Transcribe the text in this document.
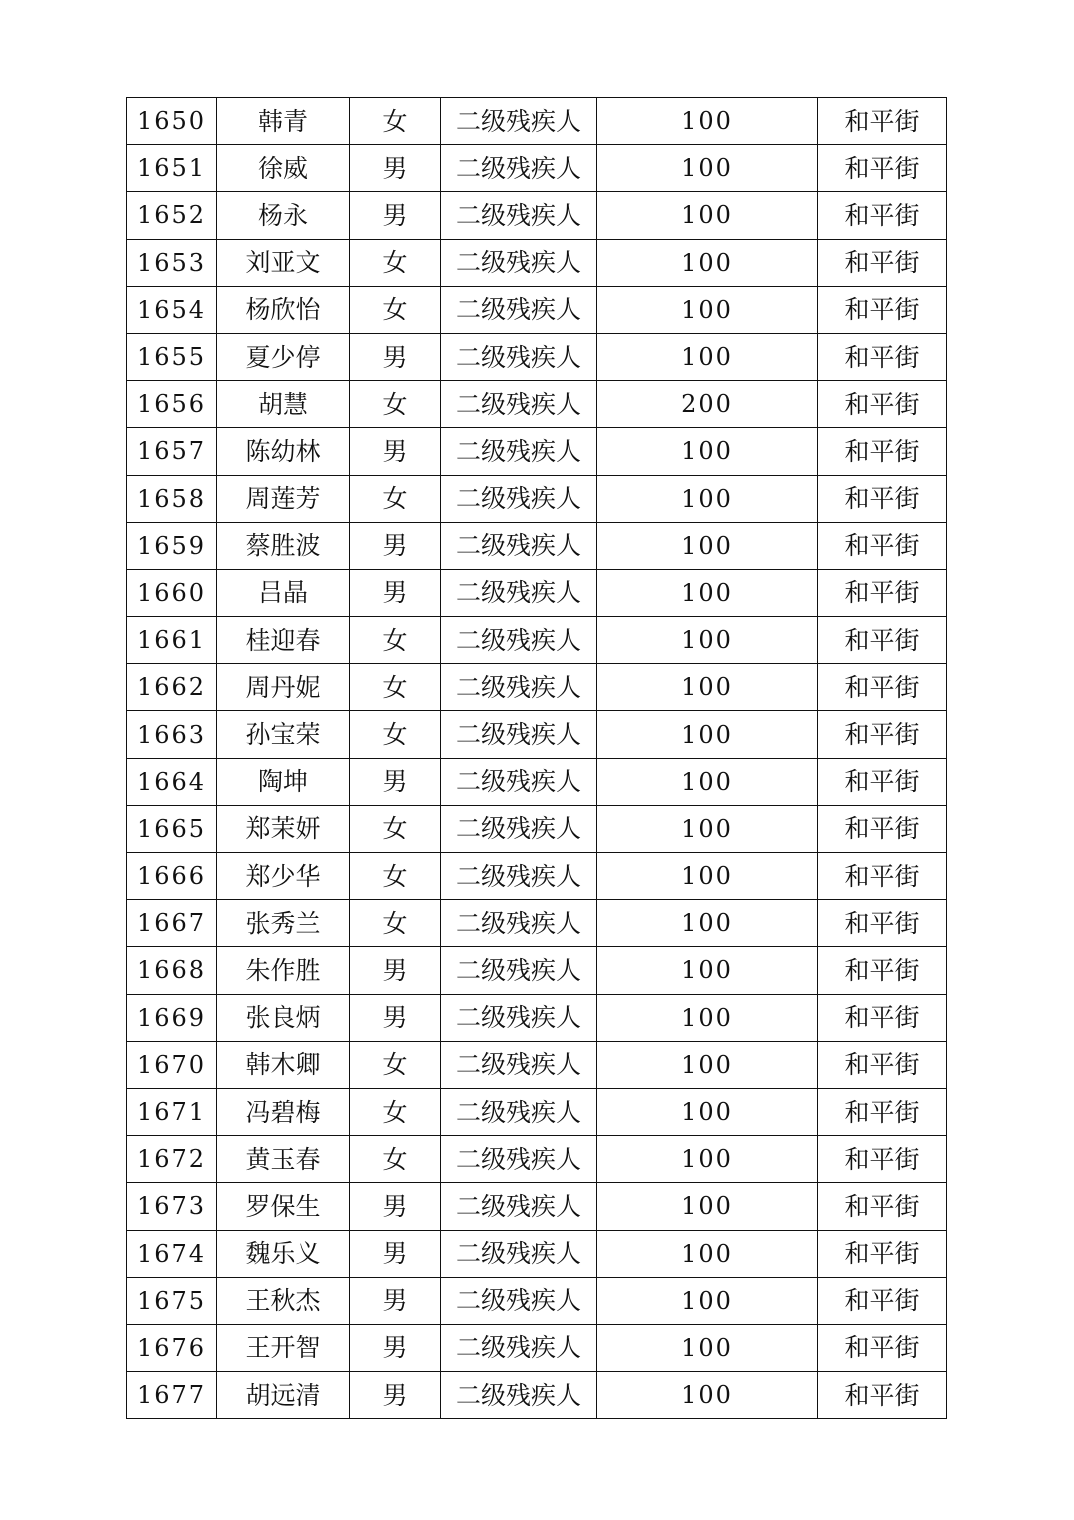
1650	韩青	女	二级残疾人	100	和平街
1651	徐威	男	二级残疾人	100	和平街
1652	杨永	男	二级残疾人	100	和平街
1653	刘亚文	女	二级残疾人	100	和平街
1654	杨欣怡	女	二级残疾人	100	和平街
1655	夏少停	男	二级残疾人	100	和平街
1656	胡慧	女	二级残疾人	200	和平街
1657	陈幼林	男	二级残疾人	100	和平街
1658	周莲芳	女	二级残疾人	100	和平街
1659	蔡胜波	男	二级残疾人	100	和平街
1660	吕晶	男	二级残疾人	100	和平街
1661	桂迎春	女	二级残疾人	100	和平街
1662	周丹妮	女	二级残疾人	100	和平街
1663	孙宝荣	女	二级残疾人	100	和平街
1664	陶坤	男	二级残疾人	100	和平街
1665	郑茉妍	女	二级残疾人	100	和平街
1666	郑少华	女	二级残疾人	100	和平街
1667	张秀兰	女	二级残疾人	100	和平街
1668	朱作胜	男	二级残疾人	100	和平街
1669	张良炳	男	二级残疾人	100	和平街
1670	韩木卿	女	二级残疾人	100	和平街
1671	冯碧梅	女	二级残疾人	100	和平街
1672	黄玉春	女	二级残疾人	100	和平街
1673	罗保生	男	二级残疾人	100	和平街
1674	魏乐义	男	二级残疾人	100	和平街
1675	王秋杰	男	二级残疾人	100	和平街
1676	王开智	男	二级残疾人	100	和平街
1677	胡远清	男	二级残疾人	100	和平街
